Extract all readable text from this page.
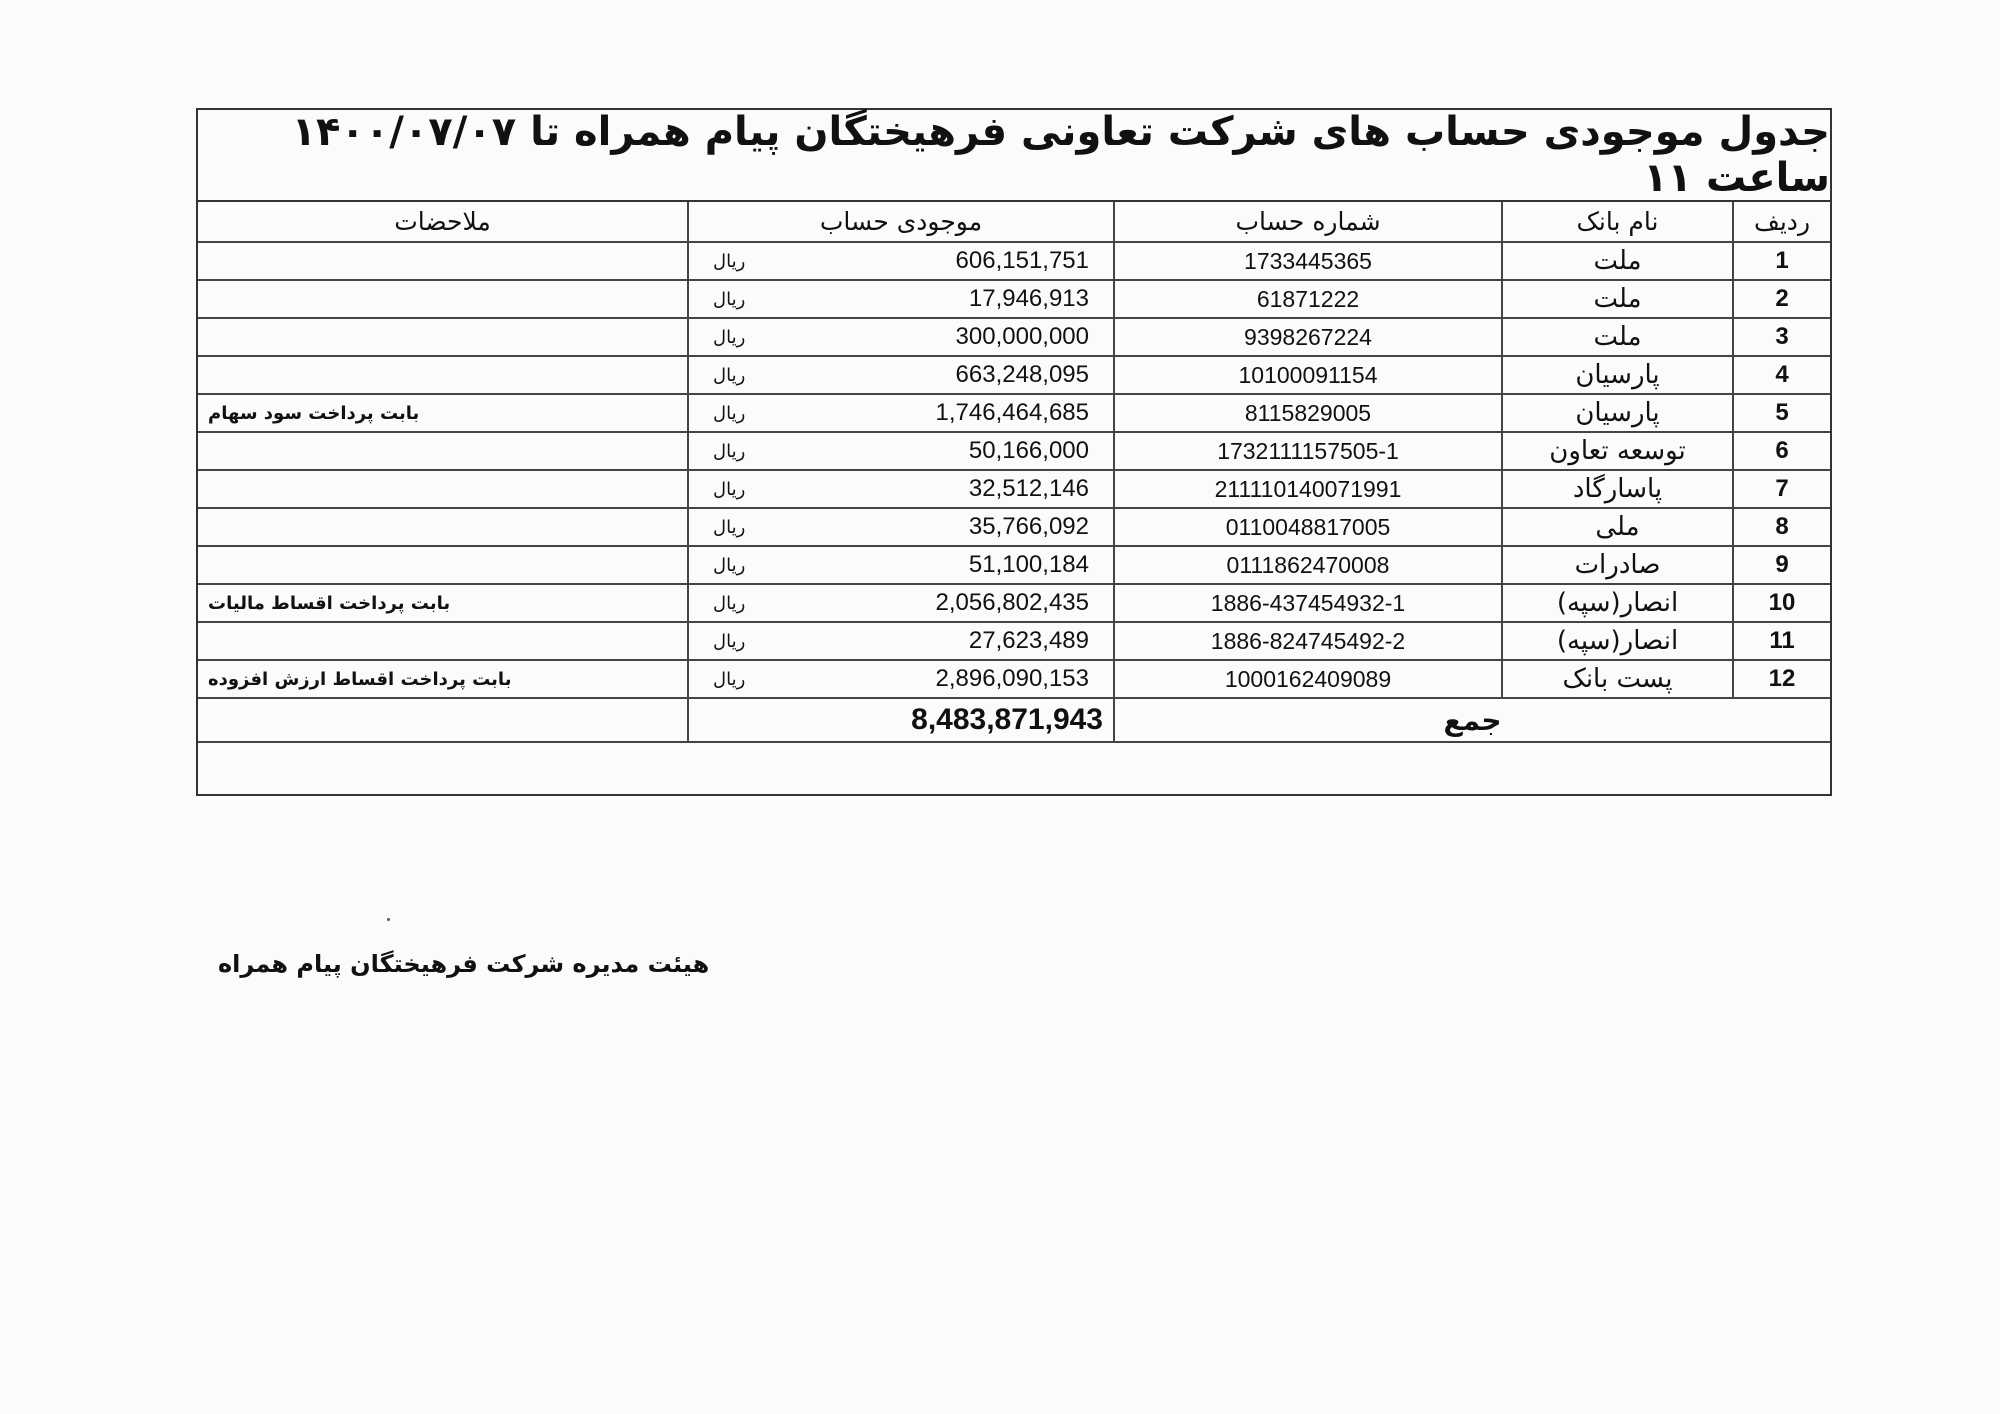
جدول موجودی حساب های شرکت تعاونی فرهیختگان پیام همراه تا ۱۴۰۰/۰۷/۰۷ ساعت ۱۱
ردیف	نام بانک	شماره حساب	موجودی حساب	ملاحضات
1	ملت	1733445365	ریال 606,151,751	

2	ملت	61871222	ریال 17,946,913	

3	ملت	9398267224	ریال 300,000,000	

4	پارسیان	10100091154	ریال 663,248,095	

5	پارسیان	8115829005	ریال 1,746,464,685	بابت پرداخت سود سهام
6	توسعه تعاون	1732111157505-1	ریال 50,166,000	

7	پاسارگاد	211110140071991	ریال 32,512,146	

8	ملی	0110048817005	ریال 35,766,092	

9	صادرات	0111862470008	ریال 51,100,184	

10	انصار(سپه)	1886-437454932-1	ریال 2,056,802,435	بابت پرداخت اقساط مالیات
11	انصار(سپه)	1886-824745492-2	ریال 27,623,489	

12	پست بانک	1000162409089	ریال 2,896,090,153	بابت پرداخت اقساط ارزش افزوده
جمع			8,483,871,943	
هیئت مدیره شرکت فرهیختگان پیام همراه
